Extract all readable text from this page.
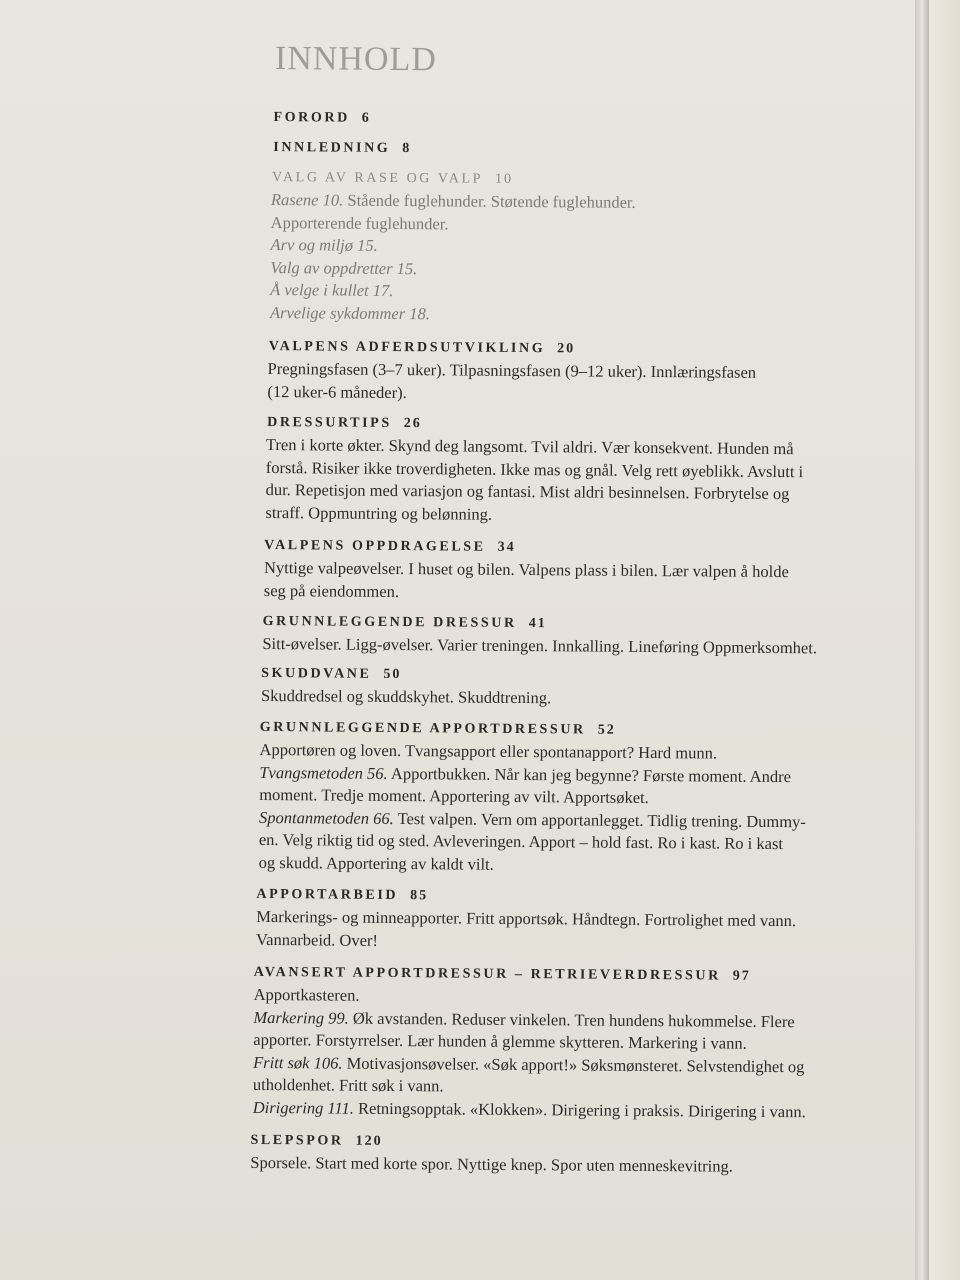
INNHOLD
FORORD 6
INNLEDNING 8
VALG AV RASE OG VALP 10
Rasene 10. Stående fuglehunder. Støtende fuglehunder.
Apporterende fuglehunder.
Arv og miljø 15.
Valg av oppdretter 15.
Å velge i kullet 17.
Arvelige sykdommer 18.
VALPENS ADFERDSUTVIKLING 20
Pregningsfasen (3–7 uker). Tilpasningsfasen (9–12 uker). Innlæringsfasen
(12 uker-6 måneder).
DRESSURTIPS 26
Tren i korte økter. Skynd deg langsomt. Tvil aldri. Vær konsekvent. Hunden må
forstå. Risiker ikke troverdigheten. Ikke mas og gnål. Velg rett øyeblikk. Avslutt i
dur. Repetisjon med variasjon og fantasi. Mist aldri besinnelsen. Forbrytelse og
straff. Oppmuntring og belønning.
VALPENS OPPDRAGELSE 34
Nyttige valpeøvelser. I huset og bilen. Valpens plass i bilen. Lær valpen å holde
seg på eiendommen.
GRUNNLEGGENDE DRESSUR 41
Sitt-øvelser. Ligg-øvelser. Varier treningen. Innkalling. Lineføring Oppmerksomhet.
SKUDDVANE 50
Skuddredsel og skuddskyhet. Skuddtrening.
GRUNNLEGGENDE APPORTDRESSUR 52
Apportøren og loven. Tvangsapport eller spontanapport? Hard munn.
Tvangsmetoden 56. Apportbukken. Når kan jeg begynne? Første moment. Andre
moment. Tredje moment. Apportering av vilt. Apportsøket.
Spontanmetoden 66. Test valpen. Vern om apportanlegget. Tidlig trening. Dummy-
en. Velg riktig tid og sted. Avleveringen. Apport – hold fast. Ro i kast. Ro i kast
og skudd. Apportering av kaldt vilt.
APPORTARBEID 85
Markerings- og minneapporter. Fritt apportsøk. Håndtegn. Fortrolighet med vann.
Vannarbeid. Over!
AVANSERT APPORTDRESSUR – RETRIEVERDRESSUR 97
Apportkasteren.
Markering 99. Øk avstanden. Reduser vinkelen. Tren hundens hukommelse. Flere
apporter. Forstyrrelser. Lær hunden å glemme skytteren. Markering i vann.
Fritt søk 106. Motivasjonsøvelser. «Søk apport!» Søksmønsteret. Selvstendighet og
utholdenhet. Fritt søk i vann.
Dirigering 111. Retningsopptak. «Klokken». Dirigering i praksis. Dirigering i vann.
SLEPSPOR 120
Sporsele. Start med korte spor. Nyttige knep. Spor uten menneskevitring.
